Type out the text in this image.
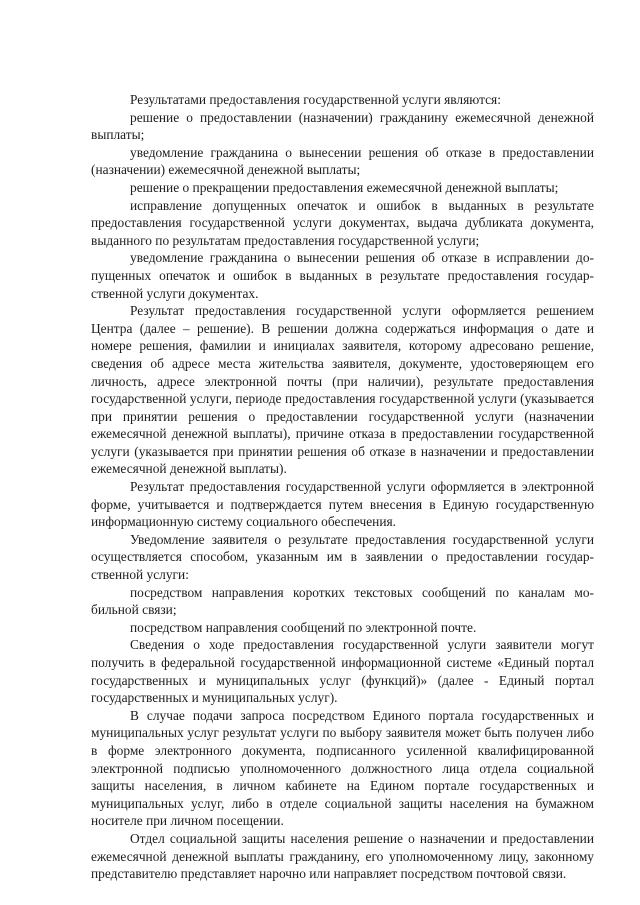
Результатами предоставления государственной услуги являются:

решение о предоставлении (назначении) гражданину ежемесячной денежной выплаты;

уведомление гражданина о вынесении решения об отказе в предоставлении (назначении) ежемесячной денежной выплаты;

решение о прекращении предоставления ежемесячной денежной выплаты;

исправление допущенных опечаток и ошибок в выданных в результате предоставления государственной услуги документах, выдача дубликата документа, выданного по результатам предоставления государственной услуги;

уведомление гражданина о вынесении решения об отказе в исправлении допущенных опечаток и ошибок в выданных в результате предоставления государственной услуги документах.

Результат предоставления государственной услуги оформляется решением Центра (далее – решение). В решении должна содержаться информация о дате и номере решения, фамилии и инициалах заявителя, которому адресовано решение, сведения об адресе места жительства заявителя, документе, удостоверяющем его личность, адресе электронной почты (при наличии), результате предоставления государственной услуги, периоде предоставления государственной услуги (указывается при принятии решения о предоставлении государственной услуги (назначении ежемесячной денежной выплаты), причине отказа в предоставлении государственной услуги (указывается при принятии решения об отказе в назначении и предоставлении ежемесячной денежной выплаты).

Результат предоставления государственной услуги оформляется в электронной форме, учитывается и подтверждается путем внесения в Единую государственную информационную систему социального обеспечения.

Уведомление заявителя о результате предоставления государственной услуги осуществляется способом, указанным им в заявлении о предоставлении государственной услуги:

посредством направления коротких текстовых сообщений по каналам мобильной связи;

посредством направления сообщений по электронной почте.

Сведения о ходе предоставления государственной услуги заявители могут получить в федеральной государственной информационной системе «Единый портал государственных и муниципальных услуг (функций)» (далее - Единый портал государственных и муниципальных услуг).

В случае подачи запроса посредством Единого портала государственных и муниципальных услуг результат услуги по выбору заявителя может быть получен либо в форме электронного документа, подписанного усиленной квалифицированной электронной подписью уполномоченного должностного лица отдела социальной защиты населения, в личном кабинете на Едином портале государственных и муниципальных услуг, либо в отделе социальной защиты населения на бумажном носителе при личном посещении.

Отдел социальной защиты населения решение о назначении и предоставлении ежемесячной денежной выплаты гражданину, его уполномоченному лицу, законному представителю представляет нарочно или направляет посредством почтовой связи.
